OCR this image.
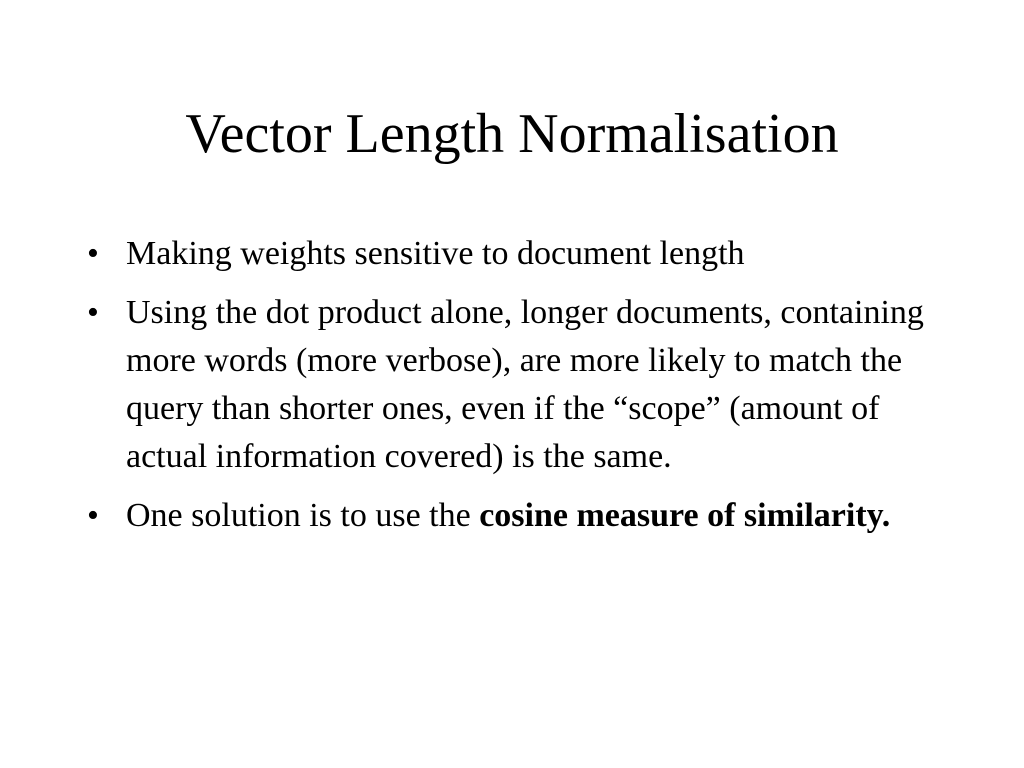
Vector Length Normalisation
• Making weights sensitive to document length
• Using the dot product alone, longer documents, containing more words (more verbose), are more likely to match the query than shorter ones, even if the “scope” (amount of actual information covered) is the same.
• One solution is to use the cosine measure of similarity.
